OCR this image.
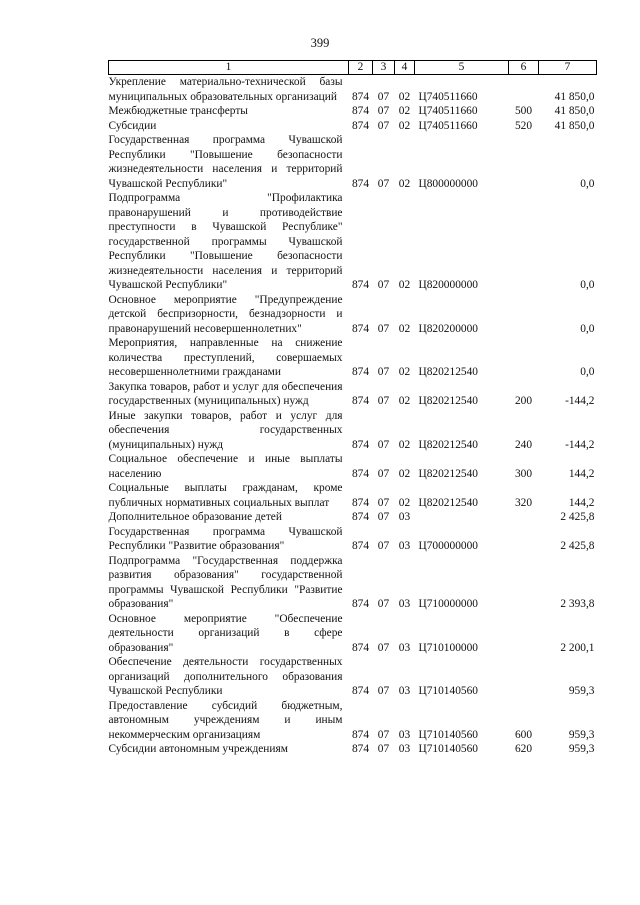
399
1	2	3	4	5	6	7
Укрепление материально-технической базы муниципальных образовательных организаций	874	07	02	Ц740511660		41 850,0
Межбюджетные трансферты	874	07	02	Ц740511660	500	41 850,0
Субсидии	874	07	02	Ц740511660	520	41 850,0
Государственная программа Чувашской Республики "Повышение безопасности жизнедеятельности населения и территорий Чувашской Республики"	874	07	02	Ц800000000		0,0
Подпрограмма "Профилактика правонарушений и противодействие преступности в Чувашской Республике" государственной программы Чувашской Республики "Повышение безопасности жизнедеятельности населения и территорий Чувашской Республики"	874	07	02	Ц820000000		0,0
Основное мероприятие "Предупреждение детской беспризорности, безнадзорности и правонарушений несовершеннолетних"	874	07	02	Ц820200000		0,0
Мероприятия, направленные на снижение количества преступлений, совершаемых несовершеннолетними гражданами	874	07	02	Ц820212540		0,0
Закупка товаров, работ и услуг для обеспечения государственных (муниципальных) нужд	874	07	02	Ц820212540	200	-144,2
Иные закупки товаров, работ и услуг для обеспечения государственных (муниципальных) нужд	874	07	02	Ц820212540	240	-144,2
Социальное обеспечение и иные выплаты населению	874	07	02	Ц820212540	300	144,2
Социальные выплаты гражданам, кроме публичных нормативных социальных выплат	874	07	02	Ц820212540	320	144,2
Дополнительное образование детей	874	07	03			2 425,8
Государственная программа Чувашской Республики "Развитие образования"	874	07	03	Ц700000000		2 425,8
Подпрограмма "Государственная поддержка развития образования" государственной программы Чувашской Республики "Развитие образования"	874	07	03	Ц710000000		2 393,8
Основное мероприятие "Обеспечение деятельности организаций в сфере образования"	874	07	03	Ц710100000		2 200,1
Обеспечение деятельности государственных организаций дополнительного образования Чувашской Республики	874	07	03	Ц710140560		959,3
Предоставление субсидий бюджетным, автономным учреждениям и иным некоммерческим организациям	874	07	03	Ц710140560	600	959,3
Субсидии автономным учреждениям	874	07	03	Ц710140560	620	959,3
